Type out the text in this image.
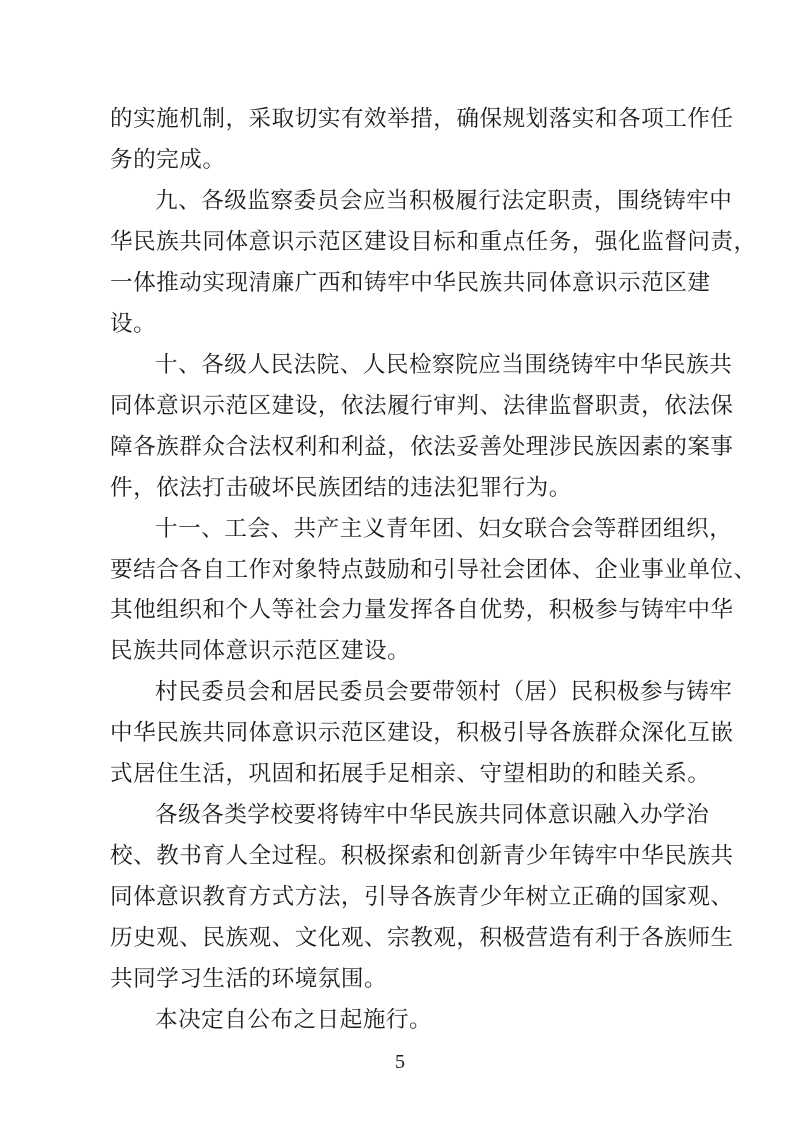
的实施机制，采取切实有效举措，确保规划落实和各项工作任
务的完成。
九、各级监察委员会应当积极履行法定职责，围绕铸牢中
华民族共同体意识示范区建设目标和重点任务，强化监督问责，
一体推动实现清廉广西和铸牢中华民族共同体意识示范区建
设。
十、各级人民法院、人民检察院应当围绕铸牢中华民族共
同体意识示范区建设，依法履行审判、法律监督职责，依法保
障各族群众合法权利和利益，依法妥善处理涉民族因素的案事
件，依法打击破坏民族团结的违法犯罪行为。
十一、工会、共产主义青年团、妇女联合会等群团组织，
要结合各自工作对象特点鼓励和引导社会团体、企业事业单位、
其他组织和个人等社会力量发挥各自优势，积极参与铸牢中华
民族共同体意识示范区建设。
村民委员会和居民委员会要带领村（居）民积极参与铸牢
中华民族共同体意识示范区建设，积极引导各族群众深化互嵌
式居住生活，巩固和拓展手足相亲、守望相助的和睦关系。
各级各类学校要将铸牢中华民族共同体意识融入办学治
校、教书育人全过程。积极探索和创新青少年铸牢中华民族共
同体意识教育方式方法，引导各族青少年树立正确的国家观、
历史观、民族观、文化观、宗教观，积极营造有利于各族师生
共同学习生活的环境氛围。
本决定自公布之日起施行。
5
